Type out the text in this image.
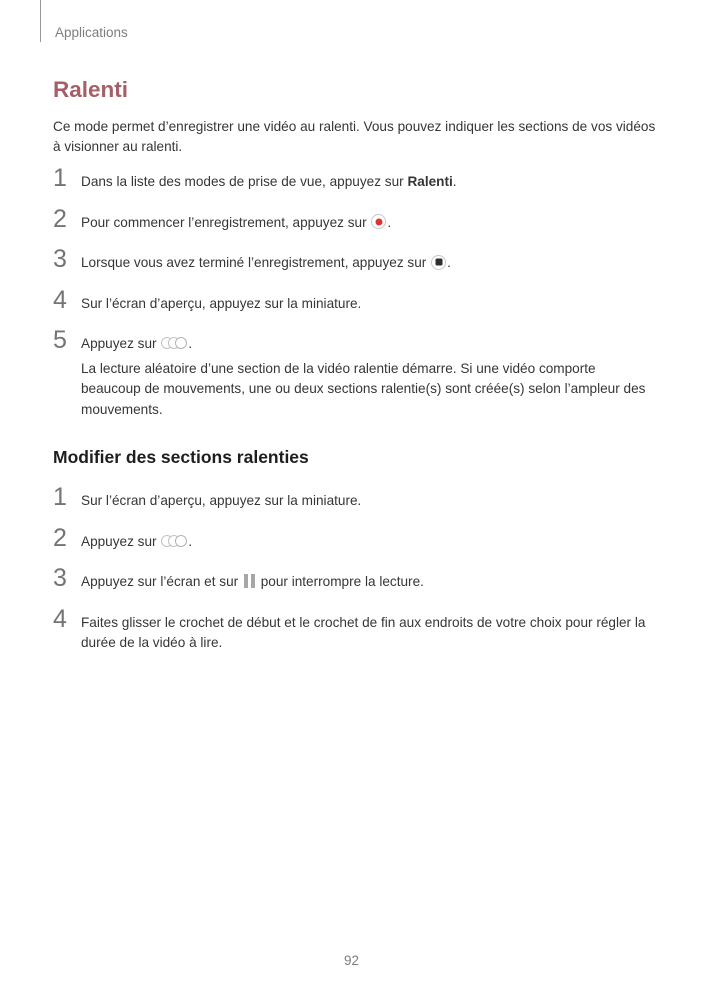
Applications
Ralenti

Ce mode permet d’enregistrer une vidéo au ralenti. Vous pouvez indiquer les sections de vos vidéos à visionner au ralenti.

1	Dans la liste des modes de prise de vue, appuyez sur Ralenti.

2	Pour commencer l’enregistrement, appuyez sur .

3	Lorsque vous avez terminé l’enregistrement, appuyez sur .

4	Sur l’écran d’aperçu, appuyez sur la miniature.

5	Appuyez sur
.

La lecture aléatoire d’une section de la vidéo ralentie démarre. Si une vidéo comporte beaucoup de mouvements, une ou deux sections ralentie(s) sont créée(s) selon l’ampleur des mouvements.

Modifier des sections ralenties
1	Sur l’écran d’aperçu, appuyez sur la miniature.

2	Appuyez sur
.

3	Appuyez sur l’écran et sur  pour interrompre la lecture.

4	Faites glisser le crochet de début et le crochet de fin aux endroits de votre choix pour régler la durée de la vidéo à lire.

92
